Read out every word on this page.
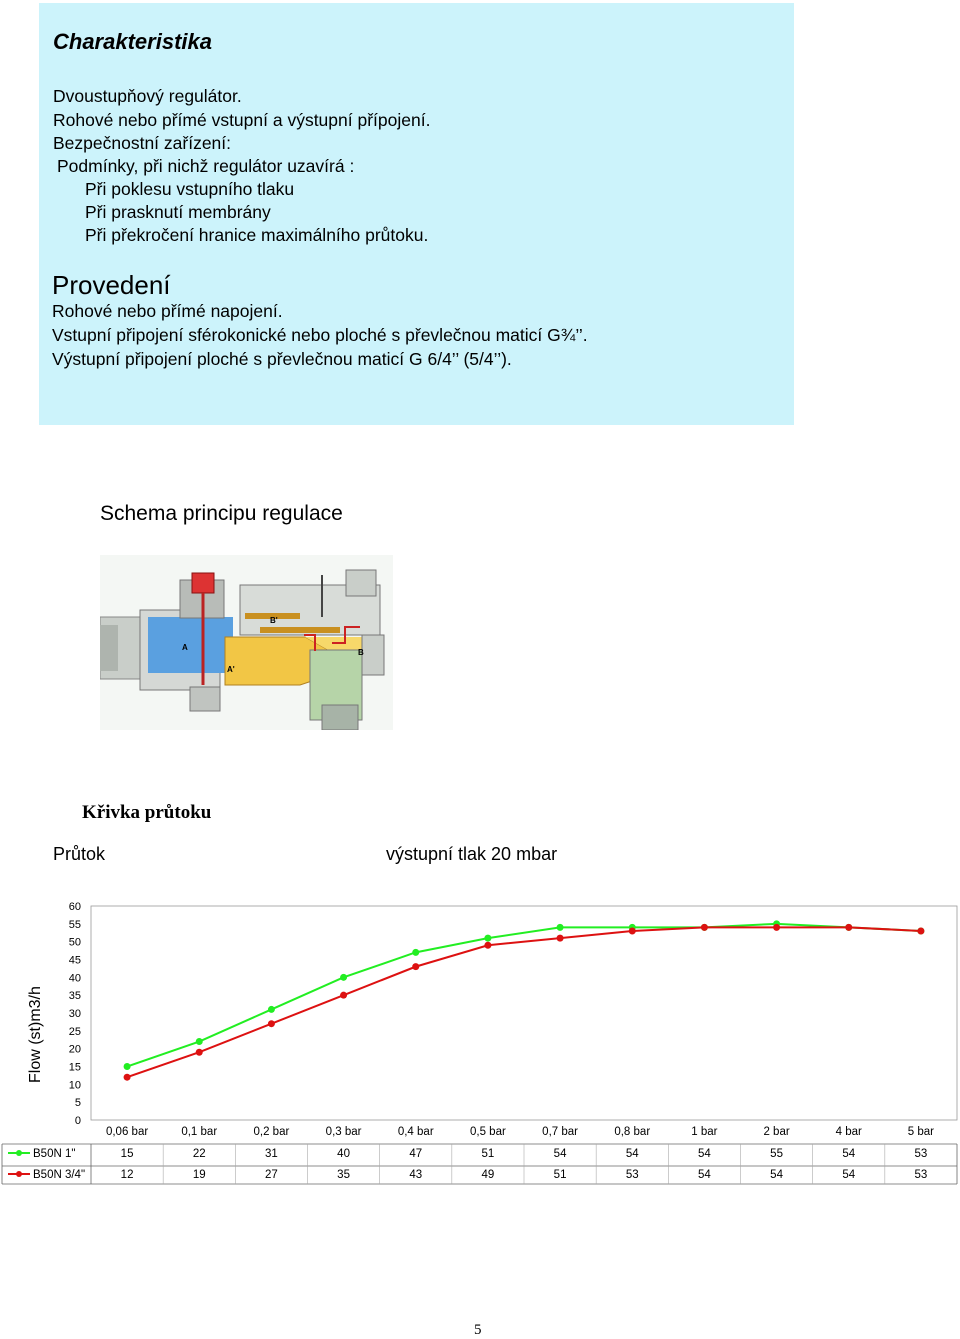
Charakteristika
Dvoustupňový regulátor.
Rohové nebo přímé vstupní a výstupní přípojení.
Bezpečnostní zařízení:
Podmínky, při nichž regulátor uzavírá :
Při poklesu vstupního tlaku
Při prasknutí membrány
Při překročení hranice maximálního průtoku.
Provedení
Rohové nebo přímé napojení.
Vstupní připojení sférokonické nebo ploché s převlečnou maticí G¾’’.
Výstupní připojení ploché s převlečnou maticí G 6/4’’ (5/4’’).
Schema principu regulace
A
A'
B
B'
Křivka průtoku
Průtok	výstupní tlak 20 mbar
Flow (st)m3/h
0
5
10
15
20
25
30
35
40
45
50
55
60
0,06 bar	0,1 bar	0,2 bar	0,3 bar	0,4 bar	0,5 bar	0,7 bar	0,8 bar	1 bar	2 bar	4 bar	5 bar
B50N 1"	15	22	31	40	47	51	54	54	54	55	54	53
B50N 3/4"	12	19	27	35	43	49	51	53	54	54	54	53
5
